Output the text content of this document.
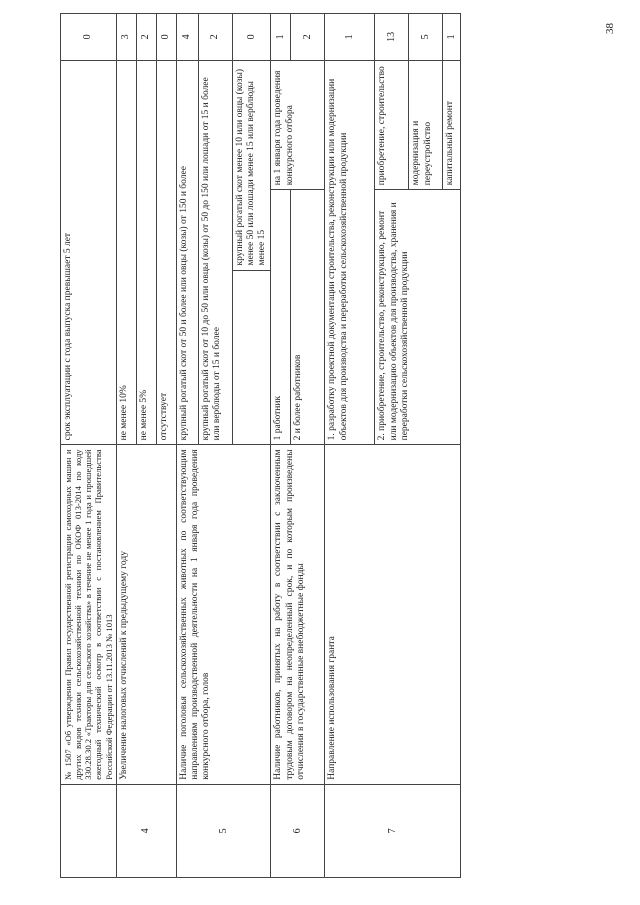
	№ 1507 «Об утверждении Правил государственной регистрации самоходных машин и других видов техники сельскохозяйственной техники по ОКОФ 013-2014 по коду 330.28.30.2 «Тракторы для сельского хозяйства» в течение не менее 1 года и прошедшей ежегодный технический осмотр в соответствии с постановлением Правительства Российской Федерации от 13.11.2013 № 1013	срок эксплуатации с года выпуска превышает 5 лет			0
4	Увеличение налоговых отчислений к предыдущему году	не менее 10%			3
		не менее 5%			2
		отсутствует			0
5	Наличие поголовья сельскохозяйственных животных по соответствующим направлениям производственной деятельности на 1 января года проведения конкурсного отбора, голов	крупный рогатый скот от 50 и более или овцы (козы) от 150 и более			4
		крупный рогатый скот от 10 до 50 или овцы (козы) от 50 до 150 или лошади от 15 и более или верблюды от 15 и более			2
			крупный рогатый скот менее 10 или овцы (козы) менее 50 или лошади менее 15 или верблюды менее 15		0
6	Наличие работников, принятых на работу в соответствии с заключенным трудовым договором на неопределенный срок, и по которым произведены отчисления в государственные внебюджетные фонды	1 работник		на 1 января года проведения конкурсного отбора	1
		2 и более работников			2
7	Направление использования гранта	1. разработку проектной документации строительства, реконструкции или модернизации объектов для производства и переработки сельскохозяйственной продукции			1
		2. приобретение, строительство, реконструкцию, ремонт или модернизацию объектов для производства, хранения и переработки сельскохозяйственной продукции		приобретение, строительство	13
				модернизация и переустройство	5
				капитальный ремонт	1
38
